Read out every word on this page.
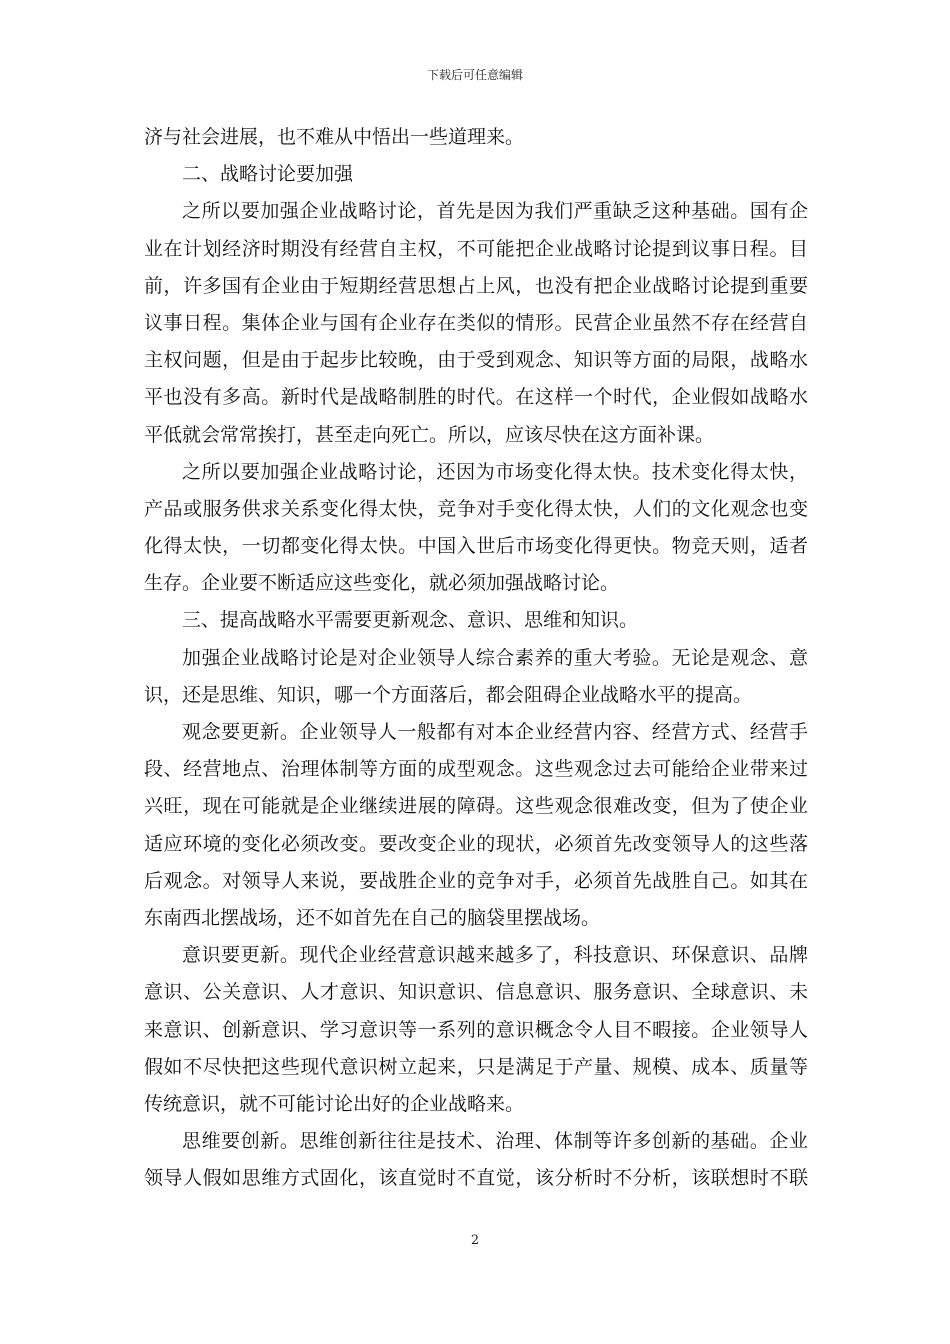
下载后可任意编辑

济与社会进展，也不难从中悟出一些道理来。

二、战略讨论要加强

之所以要加强企业战略讨论，首先是因为我们严重缺乏这种基础。国有企

业在计划经济时期没有经营自主权，不可能把企业战略讨论提到议事日程。目

前，许多国有企业由于短期经营思想占上风，也没有把企业战略讨论提到重要

议事日程。集体企业与国有企业存在类似的情形。民营企业虽然不存在经营自

主权问题，但是由于起步比较晚，由于受到观念、知识等方面的局限，战略水

平也没有多高。新时代是战略制胜的时代。在这样一个时代，企业假如战略水

平低就会常常挨打，甚至走向死亡。所以，应该尽快在这方面补课。

之所以要加强企业战略讨论，还因为市场变化得太快。技术变化得太快，

产品或服务供求关系变化得太快，竞争对手变化得太快，人们的文化观念也变

化得太快，一切都变化得太快。中国入世后市场变化得更快。物竞天则，适者

生存。企业要不断适应这些变化，就必须加强战略讨论。

三、提高战略水平需要更新观念、意识、思维和知识。

加强企业战略讨论是对企业领导人综合素养的重大考验。无论是观念、意

识，还是思维、知识，哪一个方面落后，都会阻碍企业战略水平的提高。

观念要更新。企业领导人一般都有对本企业经营内容、经营方式、经营手

段、经营地点、治理体制等方面的成型观念。这些观念过去可能给企业带来过

兴旺，现在可能就是企业继续进展的障碍。这些观念很难改变，但为了使企业

适应环境的变化必须改变。要改变企业的现状，必须首先改变领导人的这些落

后观念。对领导人来说，要战胜企业的竞争对手，必须首先战胜自己。如其在

东南西北摆战场，还不如首先在自己的脑袋里摆战场。

意识要更新。现代企业经营意识越来越多了，科技意识、环保意识、品牌

意识、公关意识、人才意识、知识意识、信息意识、服务意识、全球意识、未

来意识、创新意识、学习意识等一系列的意识概念令人目不暇接。企业领导人

假如不尽快把这些现代意识树立起来，只是满足于产量、规模、成本、质量等

传统意识，就不可能讨论出好的企业战略来。

思维要创新。思维创新往往是技术、治理、体制等许多创新的基础。企业

领导人假如思维方式固化，该直觉时不直觉，该分析时不分析，该联想时不联

2
